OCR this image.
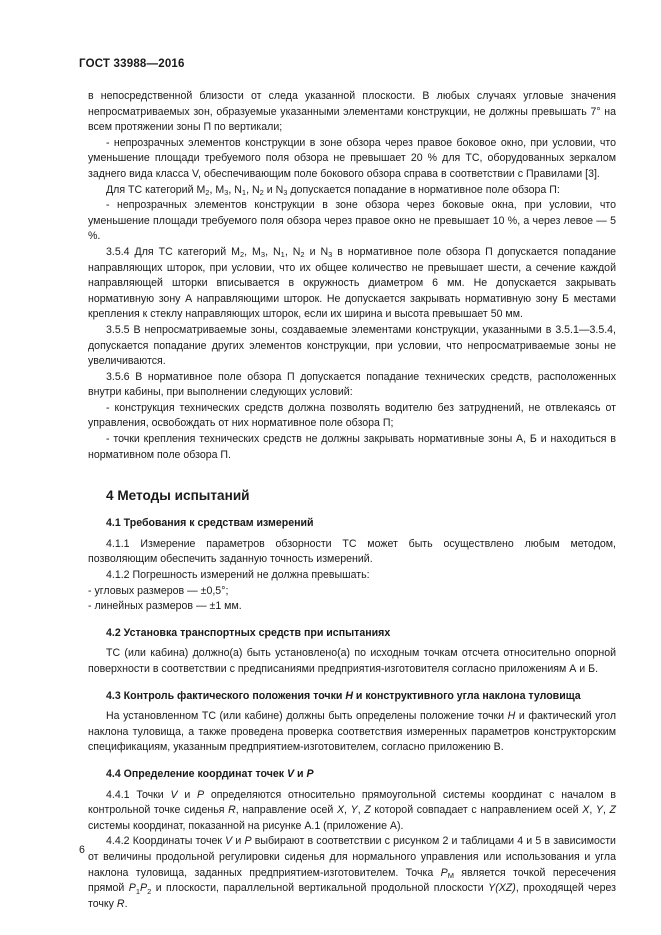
ГОСТ 33988—2016

в непосредственной близости от следа указанной плоскости. В любых случаях угловые значения непросматриваемых зон, образуемые указанными элементами конструкции, не должны превышать 7° на всем протяжении зоны П по вертикали;

- непрозрачных элементов конструкции в зоне обзора через правое боковое окно, при условии, что уменьшение площади требуемого поля обзора не превышает 20 % для ТС, оборудованных зеркалом заднего вида класса V, обеспечивающим поле бокового обзора справа в соответствии с Правилами [3].

Для ТС категорий $M_2$, $M_3$, $N_1$, $N_2$ и $N_3$ допускается попадание в нормативное поле обзора П:

- непрозрачных элементов конструкции в зоне обзора через боковые окна, при условии, что уменьшение площади требуемого поля обзора через правое окно не превышает 10 %, а через левое — 5 %.

3.5.4 Для ТС категорий $M_2$, $M_3$, $N_1$, $N_2$ и $N_3$ в нормативное поле обзора П допускается попадание направляющих шторок, при условии, что их общее количество не превышает шести, а сечение каждой направляющей шторки вписывается в окружность диаметром 6 мм. Не допускается закрывать нормативную зону А направляющими шторок. Не допускается закрывать нормативную зону Б местами крепления к стеклу направляющих шторок, если их ширина и высота превышает 50 мм.

3.5.5 В непросматриваемые зоны, создаваемые элементами конструкции, указанными в 3.5.1—3.5.4, допускается попадание других элементов конструкции, при условии, что непросматриваемые зоны не увеличиваются.

3.5.6 В нормативное поле обзора П допускается попадание технических средств, расположенных внутри кабины, при выполнении следующих условий:

- конструкция технических средств должна позволять водителю без затруднений, не отвлекаясь от управления, освобождать от них нормативное поле обзора П;

- точки крепления технических средств не должны закрывать нормативные зоны А, Б и находиться в нормативном поле обзора П.

4 Методы испытаний
4.1 Требования к средствам измерений

4.1.1 Измерение параметров обзорности ТС может быть осуществлено любым методом, позволяющим обеспечить заданную точность измерений.

4.1.2 Погрешность измерений не должна превышать:

- угловых размеров — ±0,5°;

- линейных размеров — ±1 мм.

4.2 Установка транспортных средств при испытаниях

ТС (или кабина) должно(а) быть установлено(а) по исходным точкам отсчета относительно опорной поверхности в соответствии с предписаниями предприятия-изготовителя согласно приложениям А и Б.

4.3 Контроль фактического положения точки H и конструктивного угла наклона туловища

На установленном ТС (или кабине) должны быть определены положение точки H и фактический угол наклона туловища, а также проведена проверка соответствия измеренных параметров конструкторским спецификациям, указанным предприятием-изготовителем, согласно приложению В.

4.4 Определение координат точек V и P

4.4.1 Точки V и P определяются относительно прямоугольной системы координат с началом в контрольной точке сиденья R, направление осей X, Y, Z которой совпадает с направлением осей X, Y, Z системы координат, показанной на рисунке А.1 (приложение А).

4.4.2 Координаты точек V и P выбирают в соответствии с рисунком 2 и таблицами 4 и 5 в зависимости от величины продольной регулировки сиденья для нормального управления или использования и угла наклона туловища, заданных предприятием-изготовителем. Точка $P_M$ является точкой пересечения прямой $P_1P_2$ и плоскости, параллельной вертикальной продольной плоскости Y(XZ), проходящей через точку R.

6
